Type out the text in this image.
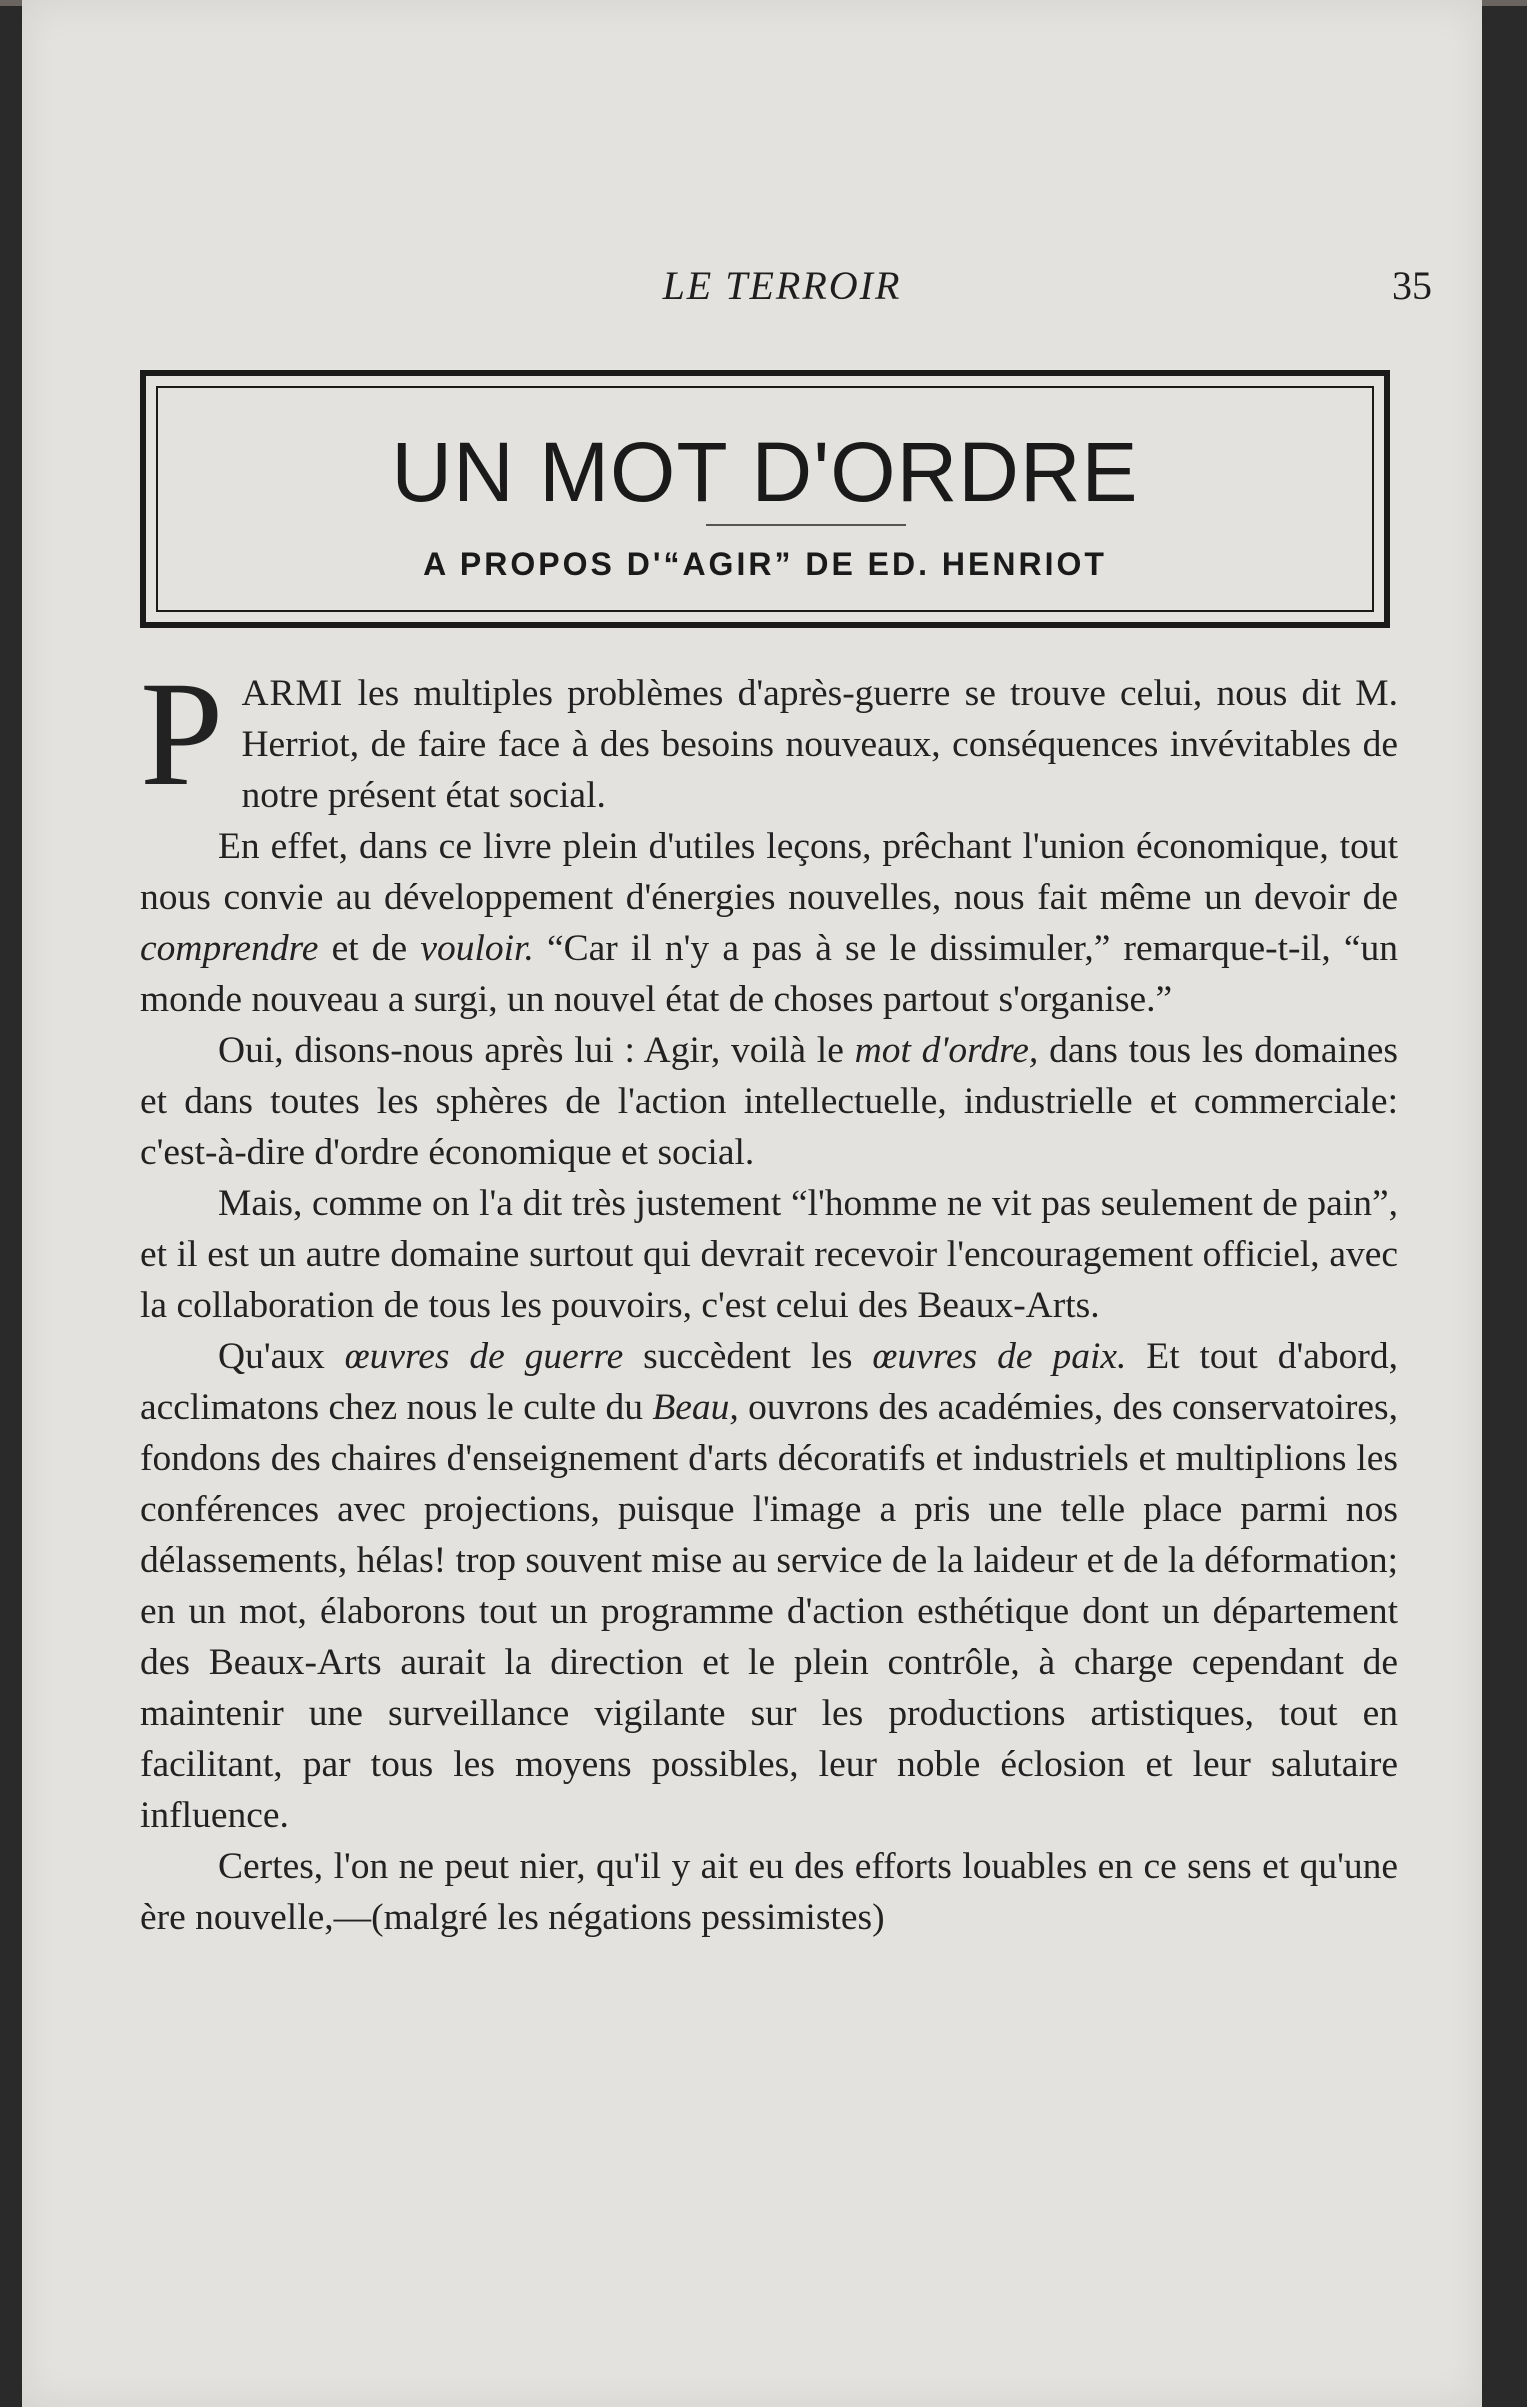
LE TERROIR	35
UN MOT D'ORDRE
A PROPOS D'“AGIR” DE ED. HENRIOT

PARMI les multiples problèmes d'après-guerre se trouve celui, nous dit M. Herriot, de faire face à des besoins nouveaux, conséquences invévitables de notre présent état social.

En effet, dans ce livre plein d'utiles leçons, prêchant l'union économique, tout nous convie au développement d'énergies nouvelles, nous fait même un devoir de comprendre et de vouloir. “Car il n'y a pas à se le dissimuler,” remarque-t-il, “un monde nouveau a surgi, un nouvel état de choses partout s'organise.”

Oui, disons-nous après lui : Agir, voilà le mot d'ordre, dans tous les domaines et dans toutes les sphères de l'action intellectuelle, industrielle et commerciale: c'est-à-dire d'ordre économique et social.

Mais, comme on l'a dit très justement “l'homme ne vit pas seulement de pain”, et il est un autre domaine surtout qui devrait recevoir l'encouragement officiel, avec la collaboration de tous les pouvoirs, c'est celui des Beaux-Arts.

Qu'aux œuvres de guerre succèdent les œuvres de paix. Et tout d'abord, acclimatons chez nous le culte du Beau, ouvrons des académies, des conservatoires, fondons des chaires d'enseignement d'arts décoratifs et industriels et multiplions les conférences avec projections, puisque l'image a pris une telle place parmi nos délassements, hélas! trop souvent mise au service de la laideur et de la déformation; en un mot, élaborons tout un programme d'action esthétique dont un département des Beaux-Arts aurait la direction et le plein contrôle, à charge cependant de maintenir une surveillance vigilante sur les productions artistiques, tout en facilitant, par tous les moyens possibles, leur noble éclosion et leur salutaire influence.

Certes, l'on ne peut nier, qu'il y ait eu des efforts louables en ce sens et qu'une ère nouvelle,—(malgré les négations pessimistes)
